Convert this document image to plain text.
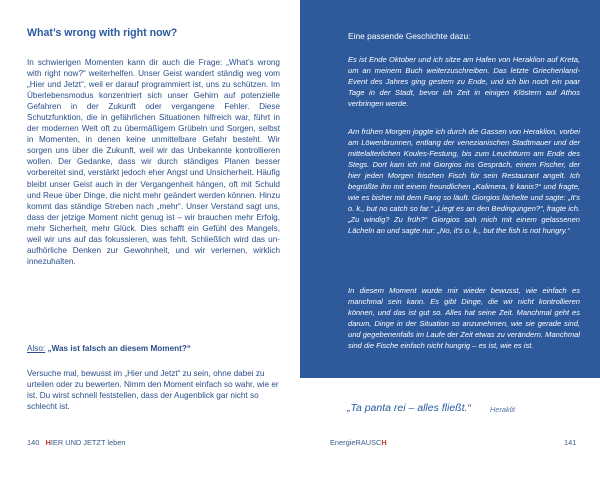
What’s wrong with right now?

In schwierigen Momenten kann dir auch die Frage: „What’s wrong with right now?“ weiterhelfen. Unser Geist wandert ständig weg vom „Hier und Jetzt“, weil er darauf programmiert ist, uns zu schützen. Im Überlebensmodus konzentriert sich unser Gehirn auf potenzielle Gefahren in der Zukunft oder vergangene Fehler. Diese Schutzfunktion, die in gefährlichen Situationen hilfreich war, führt in der modernen Welt oft zu übermäßigem Grübeln und Sorgen, selbst in Momenten, in denen keine unmittelbare Gefahr besteht. Wir sorgen uns über die Zukunft, weil wir das Unbekannte kontrollieren wollen. Der Gedanke, dass wir durch ständiges Planen besser vorbereitet sind, verstärkt jedoch eher Angst und Unsicherheit. Häufig bleibt unser Geist auch in der Vergangenheit hängen, oft mit Schuld und Reue über Dinge, die nicht mehr geändert werden können. Hinzu kommt das ständige Streben nach „mehr“. Unser Verstand sagt uns, dass der jetzige Moment nicht genug ist – wir brauchen mehr Erfolg, mehr Sicherheit, mehr Glück. Dies schafft ein Gefühl des Mangels, weil wir uns auf das fokussieren, was fehlt. Schließlich wird das unaufhörliche Denken zur Gewohnheit, und wir verlernen, wirklich innezuhalten.

Also: „Was ist falsch an diesem Moment?“

Versuche mal, bewusst im „Hier und Jetzt“ zu sein, ohne dabei zu urteilen oder zu bewerten. Nimm den Moment einfach so wahr, wie er ist. Du wirst schnell feststellen, dass der Augenblick gar nicht so schlecht ist.

140 HIER UND JETZT leben

Eine passende Geschichte dazu:

Es ist Ende Oktober und ich sitze am Hafen von Heraklion auf Kreta, um an meinem Buch weiterzuschreiben. Das letzte Griechenland-Event des Jahres ging gestern zu Ende, und ich bin noch ein paar Tage in der Stadt, bevor ich Zeit in einigen Klöstern auf Athos verbringen werde.

Am frühen Morgen joggte ich durch die Gassen von Heraklion, vorbei am Löwenbrunnen, entlang der venezianischen Stadtmauer und der mittelalterlichen Koules-Festung, bis zum Leuchtturm am Ende des Stegs. Dort kam ich mit Giorgios ins Gespräch, einem Fischer, der hier jeden Morgen frischen Fisch für sein Restaurant angelt. Ich begrüßte ihn mit einem freundlichen „Kalimera, ti kanis?“ und fragte, wie es bisher mit dem Fang so läuft. Giorgios lächelte und sagte: „It’s o. k., but no catch so far.“ „Liegt es an den Bedingungen?“, fragte ich. „Zu windig? Zu früh?“ Giorgios sah mich mit einem gelassenen Lächeln an und sagte nur: „No, it’s o. k., but the fish is not hungry.“

In diesem Moment wurde mir wieder bewusst, wie einfach es manchmal sein kann. Es gibt Dinge, die wir nicht kontrollieren können, und das ist gut so. Alles hat seine Zeit. Manchmal geht es darum, Dinge in der Situation so anzunehmen, wie sie gerade sind, und gegebenenfalls im Laufe der Zeit etwas zu verändern. Manchmal sind die Fische einfach nicht hungrig – es ist, wie es ist.

„Ta panta rei – alles fließt.“	Heraklit

EnergieRAUSCH	141
